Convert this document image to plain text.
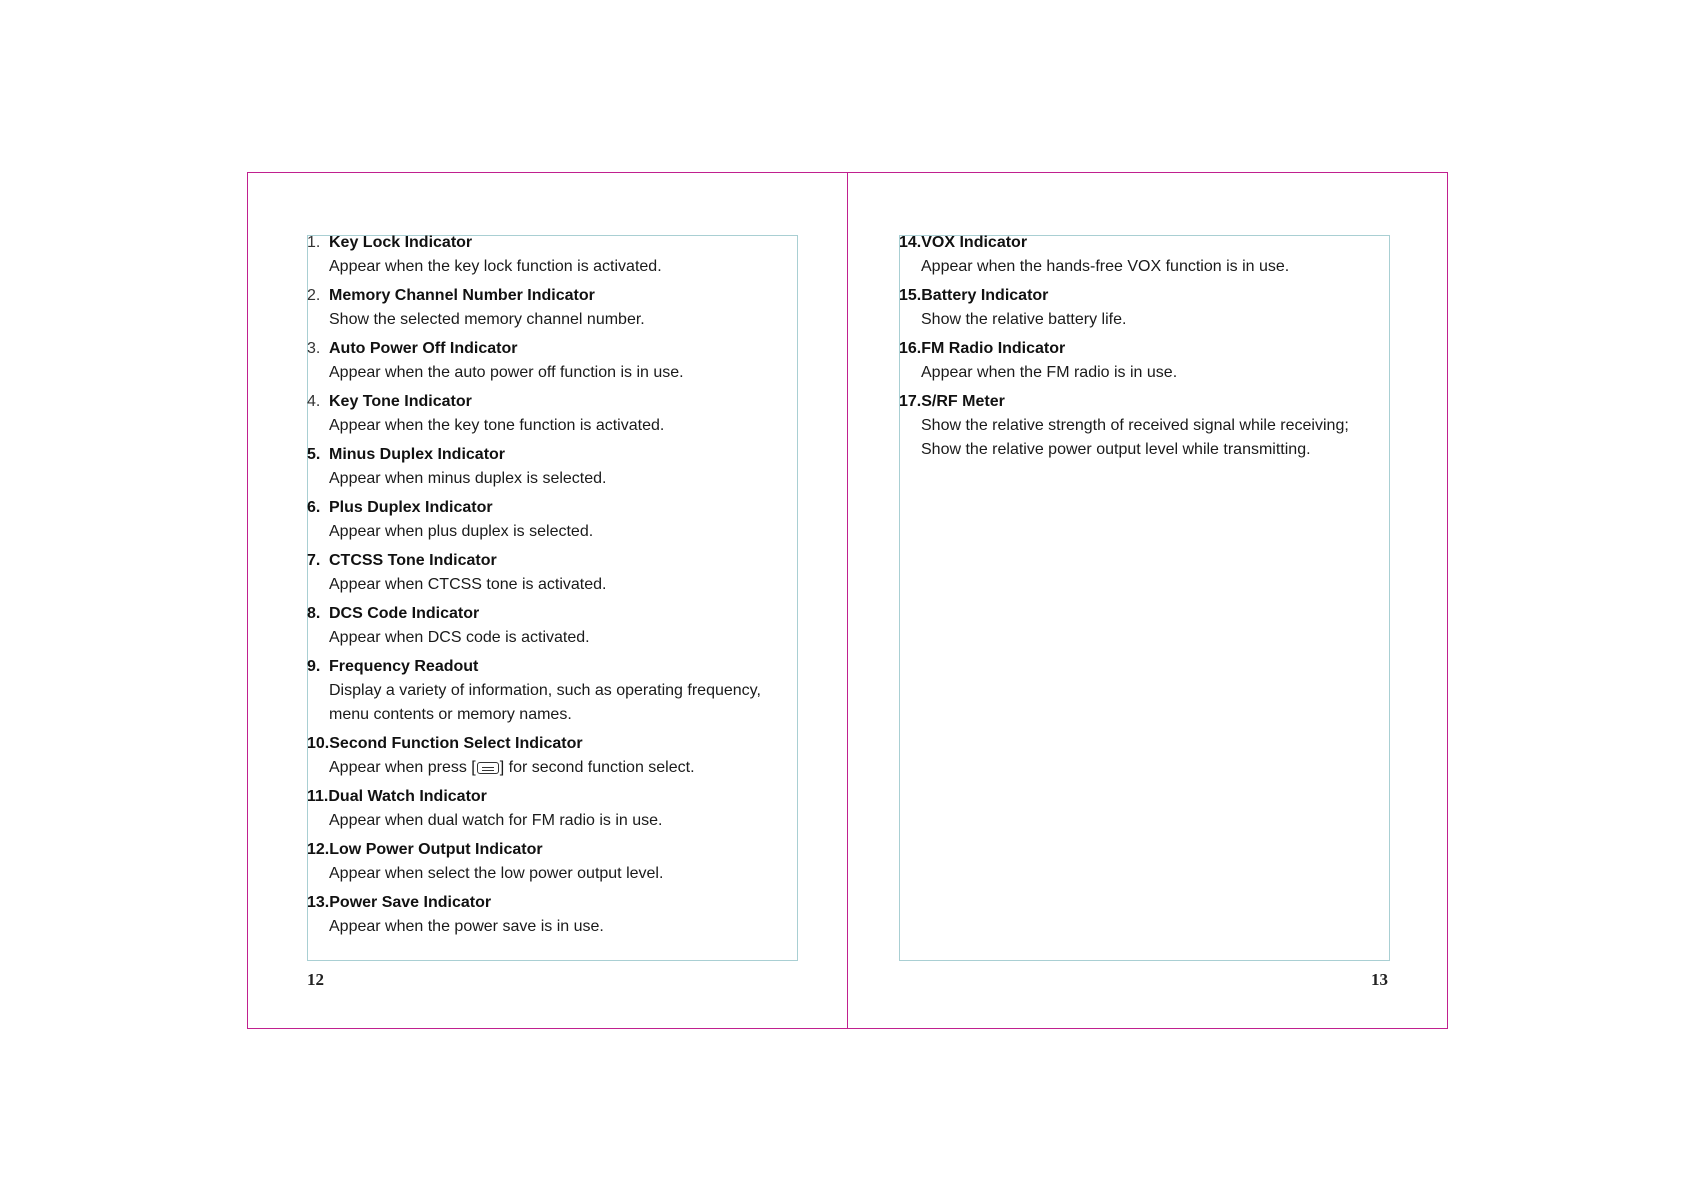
1. Key Lock Indicator
Appear when the key lock function is activated.
2. Memory Channel Number Indicator
Show the selected memory channel number.
3. Auto Power Off Indicator
Appear when the auto power off function is in use.
4. Key Tone Indicator
Appear when the key tone function is activated.
5. Minus Duplex Indicator
Appear when minus duplex is selected.
6. Plus Duplex Indicator
Appear when plus duplex is selected.
7. CTCSS Tone Indicator
Appear when CTCSS tone is activated.
8. DCS Code Indicator
Appear when DCS code is activated.
9. Frequency Readout
Display a variety of information, such as operating frequency,
menu contents or memory names.
10.Second Function Select Indicator
Appear when press [ ] for second function select.
11.Dual Watch Indicator
Appear when dual watch for FM radio is in use.
12.Low Power Output Indicator
Appear when select the low power output level.
13.Power Save Indicator
Appear when the power save is in use.
14.VOX Indicator
Appear when the hands-free VOX function is in use.
15.Battery Indicator
Show the relative battery life.
16.FM Radio Indicator
Appear when the FM radio is in use.
17.S/RF Meter
Show the relative strength of received signal while receiving;
Show the relative power output level while transmitting.
12	13
